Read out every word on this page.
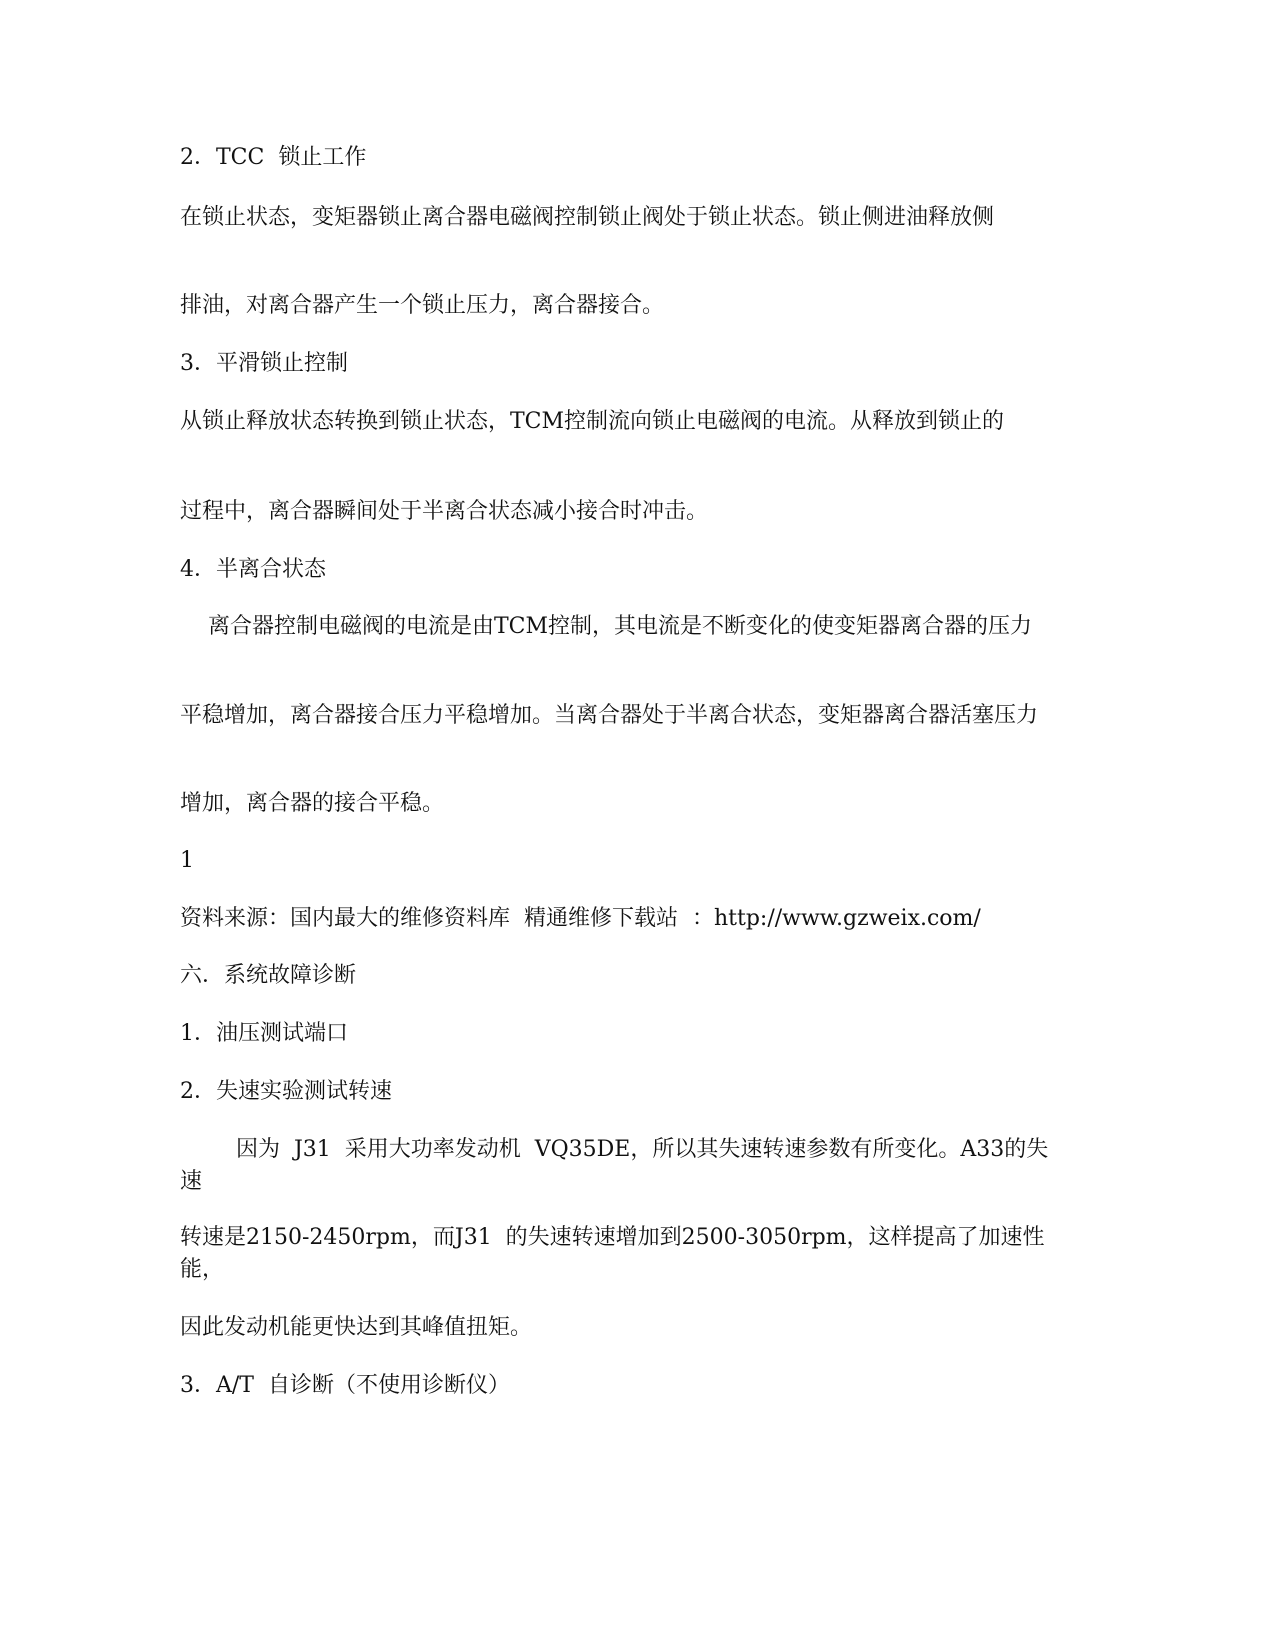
2．TCC  锁止工作
在锁止状态，变矩器锁止离合器电磁阀控制锁止阀处于锁止状态。锁止侧进油释放侧
排油，对离合器产生一个锁止压力，离合器接合。
3．平滑锁止控制
从锁止释放状态转换到锁止状态，TCM控制流向锁止电磁阀的电流。从释放到锁止的
过程中，离合器瞬间处于半离合状态减小接合时冲击。
4．半离合状态
离合器控制电磁阀的电流是由TCM控制，其电流是不断变化的使变矩器离合器的压力
平稳增加，离合器接合压力平稳增加。当离合器处于半离合状态，变矩器离合器活塞压力
增加，离合器的接合平稳。
1
资料来源：国内最大的维修资料库  精通维修下载站  ：http://www.gzweix.com/
六．系统故障诊断
1．油压测试端口
2．失速实验测试转速
因为  J31  采用大功率发动机  VQ35DE，所以其失速转速参数有所变化。A33的失速
转速是2150-2450rpm，而J31  的失速转速增加到2500-3050rpm，这样提高了加速性能，
因此发动机能更快达到其峰值扭矩。
3．A/T  自诊断（不使用诊断仪）
